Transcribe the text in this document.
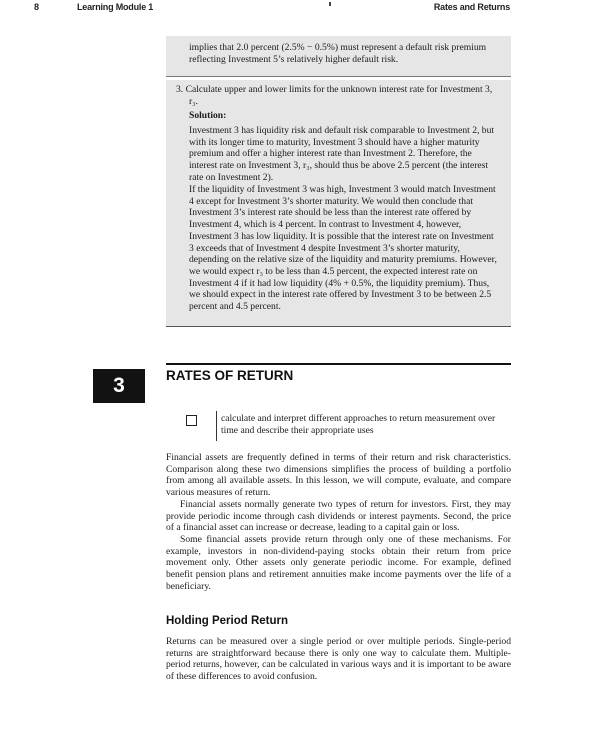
8	Learning Module 1	Rates and Returns
implies that 2.0 percent (2.5% − 0.5%) must represent a default risk premium reflecting Investment 5’s relatively higher default risk.
3. Calculate upper and lower limits for the unknown interest rate for Investment 3, r₃.
Solution:
Investment 3 has liquidity risk and default risk comparable to Investment 2, but with its longer time to maturity, Investment 3 should have a higher maturity premium and offer a higher interest rate than Investment 2. Therefore, the interest rate on Investment 3, r₃, should thus be above 2.5 percent (the interest rate on Investment 2).
If the liquidity of Investment 3 was high, Investment 3 would match Investment 4 except for Investment 3’s shorter maturity. We would then conclude that Investment 3’s interest rate should be less than the interest rate offered by Investment 4, which is 4 percent. In contrast to Investment 4, however, Investment 3 has low liquidity. It is possible that the interest rate on Investment 3 exceeds that of Investment 4 despite Investment 3’s shorter maturity, depending on the relative size of the liquidity and maturity premiums. However, we would expect r₃ to be less than 4.5 percent, the expected interest rate on Investment 4 if it had low liquidity (4% + 0.5%, the liquidity premium). Thus, we should expect in the interest rate offered by Investment 3 to be between 2.5 percent and 4.5 percent.
3	RATES OF RETURN
calculate and interpret different approaches to return measurement over time and describe their appropriate uses

Financial assets are frequently defined in terms of their return and risk characteristics. Comparison along these two dimensions simplifies the process of building a portfolio from among all available assets. In this lesson, we will compute, evaluate, and compare various measures of return.

Financial assets normally generate two types of return for investors. First, they may provide periodic income through cash dividends or interest payments. Second, the price of a financial asset can increase or decrease, leading to a capital gain or loss.

Some financial assets provide return through only one of these mechanisms. For example, investors in non-dividend-paying stocks obtain their return from price movement only. Other assets only generate periodic income. For example, defined benefit pension plans and retirement annuities make income payments over the life of a beneficiary.

Holding Period Return

Returns can be measured over a single period or over multiple periods. Single-period returns are straightforward because there is only one way to calculate them. Multiple-period returns, however, can be calculated in various ways and it is important to be aware of these differences to avoid confusion.
